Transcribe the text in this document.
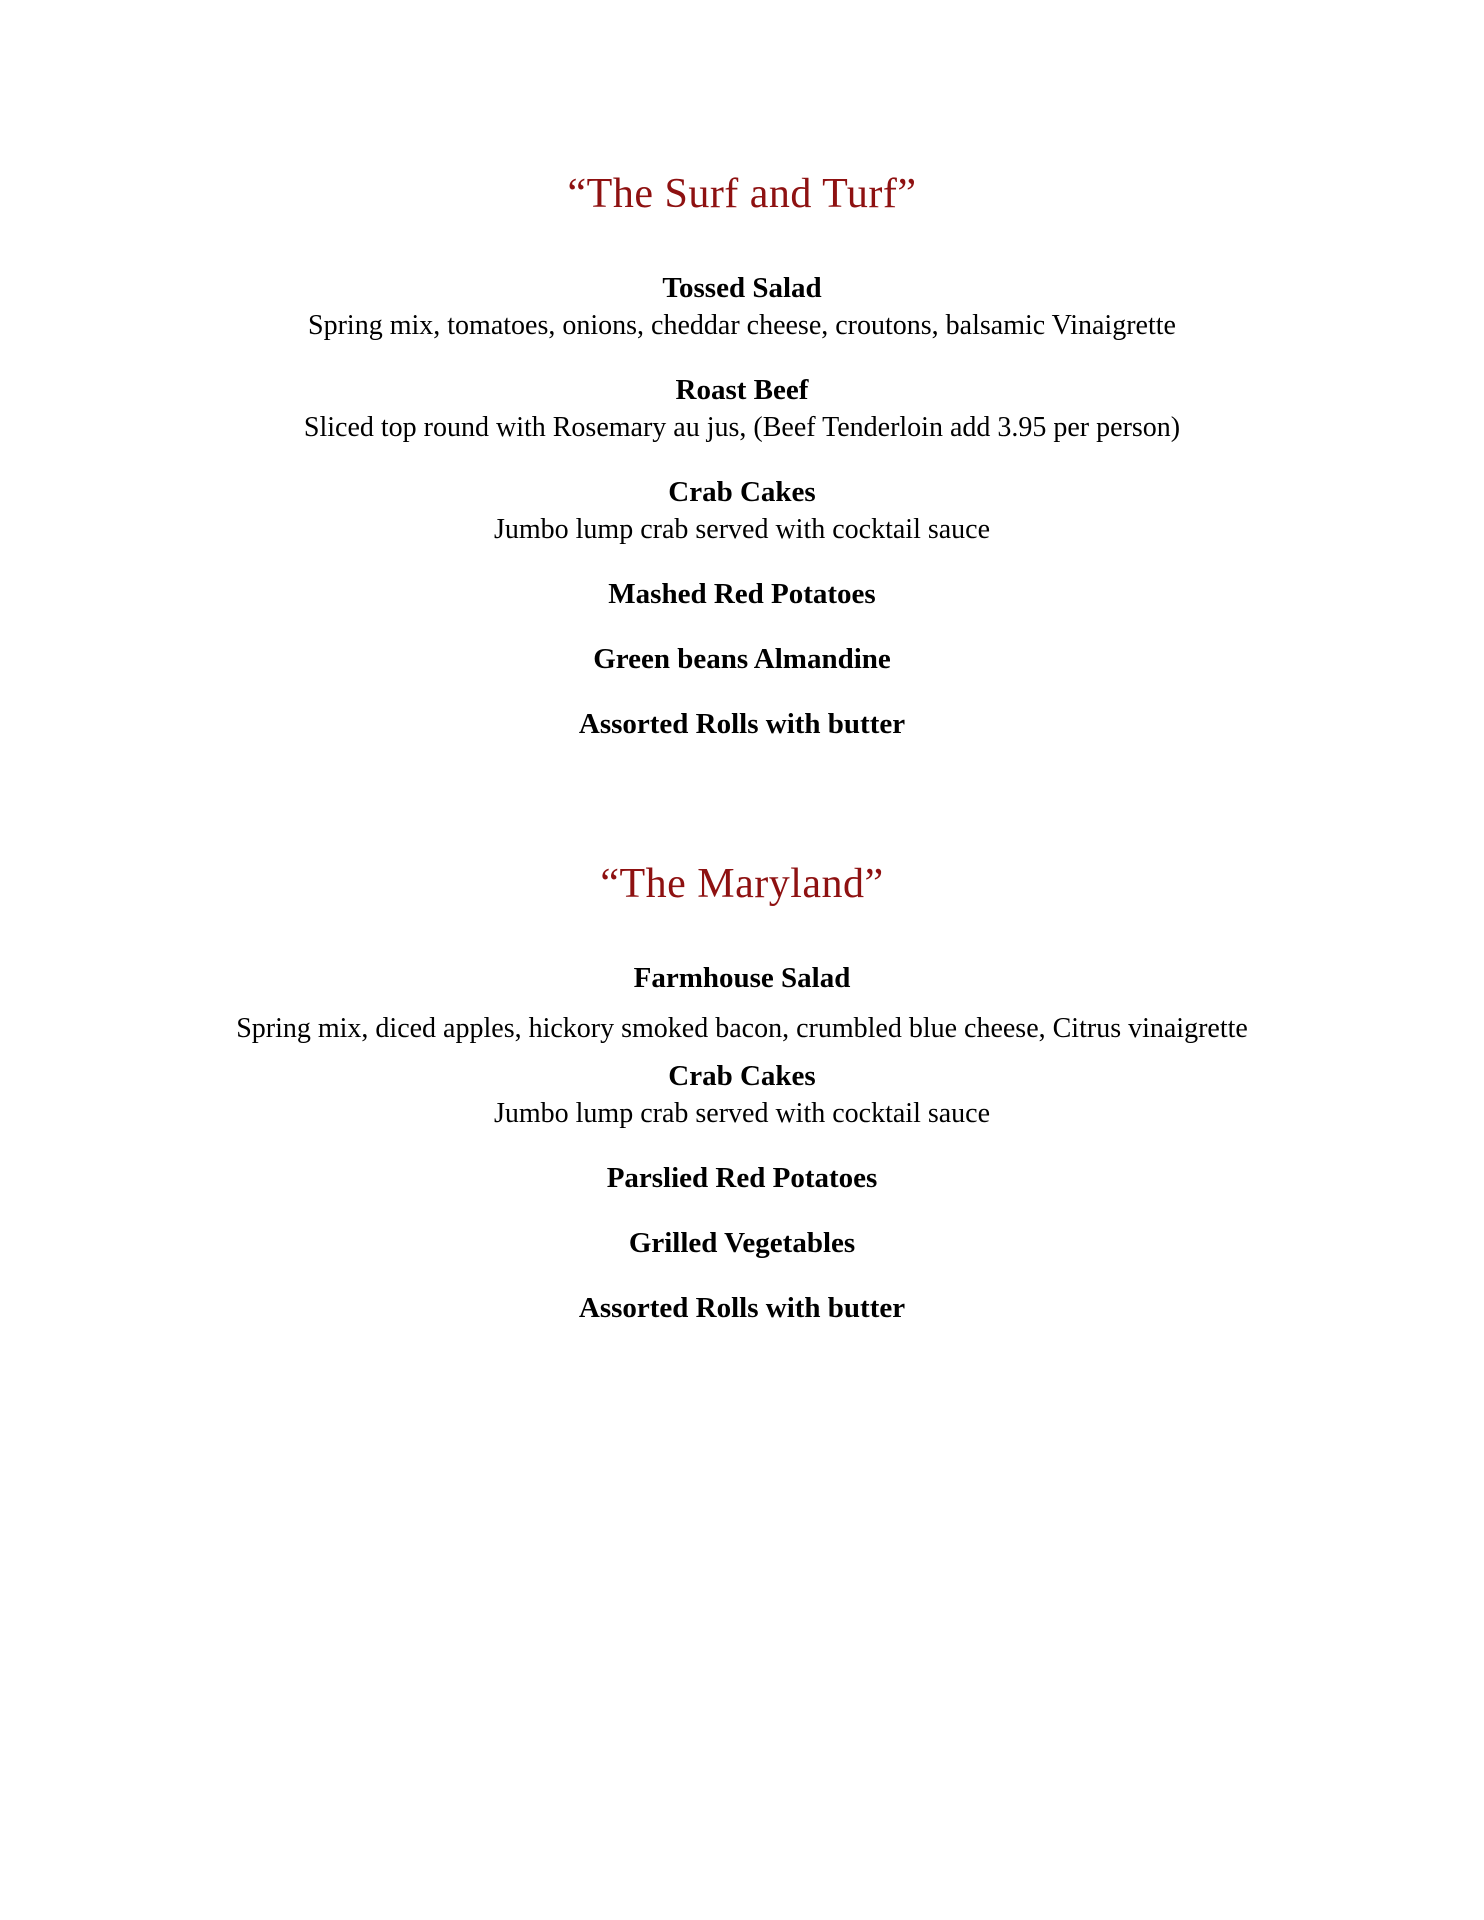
“The Surf and Turf”
Tossed Salad
Spring mix, tomatoes, onions, cheddar cheese, croutons, balsamic Vinaigrette
Roast Beef
Sliced top round with Rosemary au jus, (Beef Tenderloin add 3.95 per person)
Crab Cakes
Jumbo lump crab served with cocktail sauce
Mashed Red Potatoes
Green beans Almandine
Assorted Rolls with butter
“The Maryland”
Farmhouse Salad
Spring mix, diced apples, hickory smoked bacon, crumbled blue cheese, Citrus vinaigrette
Crab Cakes
Jumbo lump crab served with cocktail sauce
Parslied Red Potatoes
Grilled Vegetables
Assorted Rolls with butter
